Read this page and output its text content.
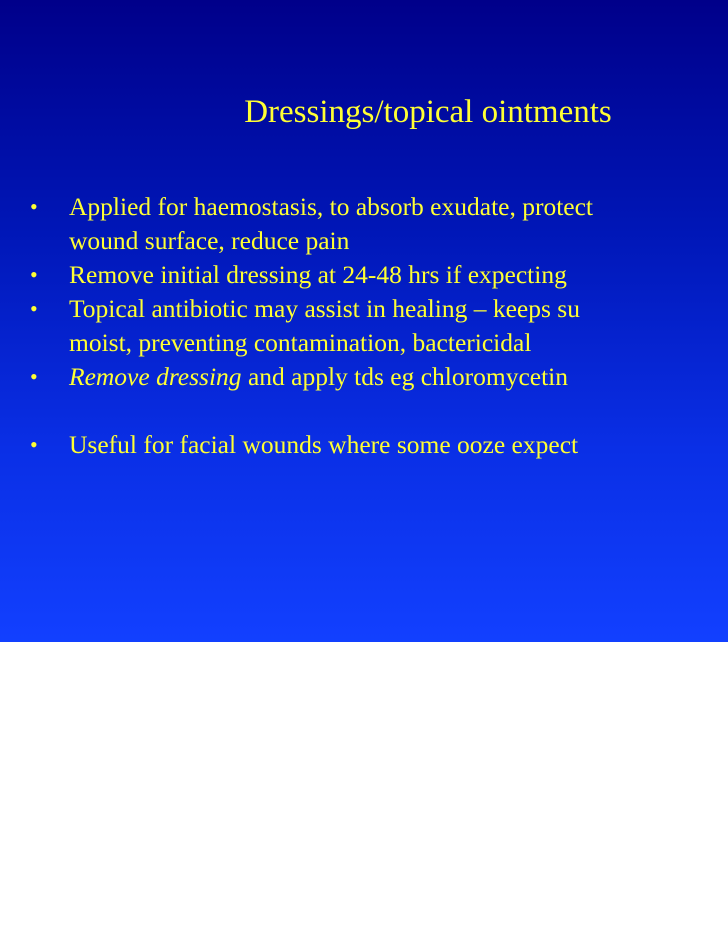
Dressings/topical ointments
• Applied for haemostasis, to absorb exudate, protect
wound surface, reduce pain
• Remove initial dressing at 24-48 hrs if expecting
• Topical antibiotic may assist in healing – keeps su
moist, preventing contamination, bactericidal
• Remove dressing and apply tds eg chloromycetin
• Useful for facial wounds where some ooze expect
